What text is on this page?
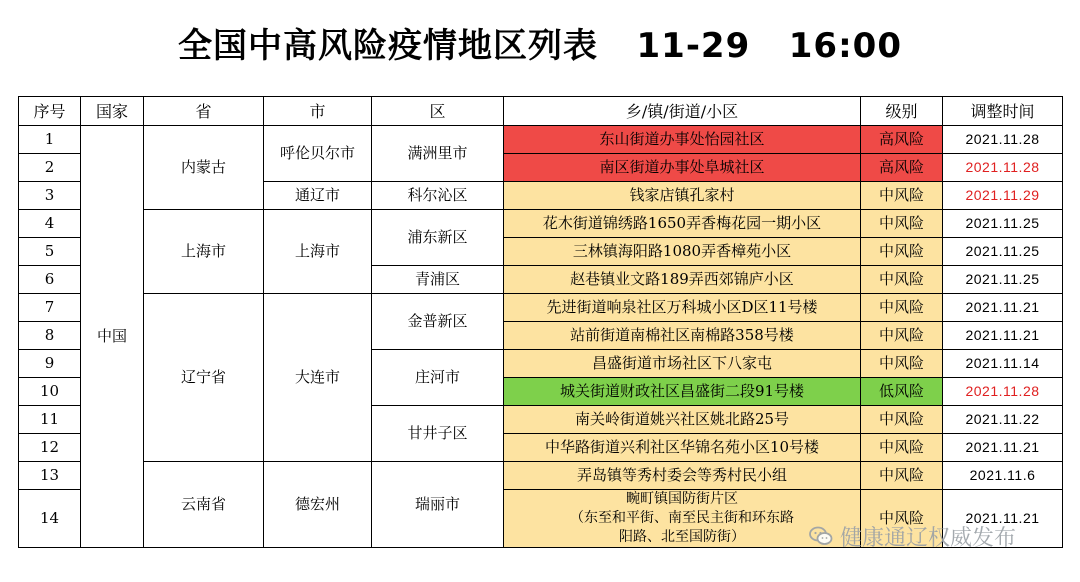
全国中高风险疫情地区列表   11-29   16:00
序号	国家	省	市	区	乡/镇/街道/小区	级别	调整时间
1	中国	内蒙古	呼伦贝尔市	满洲里市	东山街道办事处怡园社区	高风险	2021.11.28
2					南区街道办事处阜城社区	高风险	2021.11.28
3			通辽市	科尔沁区	钱家店镇孔家村	中风险	2021.11.29
4		上海市	上海市	浦东新区	花木街道锦绣路1650弄香梅花园一期小区	中风险	2021.11.25
5					三林镇海阳路1080弄香樟苑小区	中风险	2021.11.25
6				青浦区	赵巷镇业文路189弄西郊锦庐小区	中风险	2021.11.25
7		辽宁省	大连市	金普新区	先进街道响泉社区万科城小区D区11号楼	中风险	2021.11.21
8					站前街道南棉社区南棉路358号楼	中风险	2021.11.21
9				庄河市	昌盛街道市场社区下八家屯	中风险	2021.11.14
10					城关街道财政社区昌盛街二段91号楼	低风险	2021.11.28
11				甘井子区	南关岭街道姚兴社区姚北路25号	中风险	2021.11.22
12					中华路街道兴利社区华锦名苑小区10号楼	中风险	2021.11.21
13		云南省	德宏州	瑞丽市	弄岛镇等秀村委会等秀村民小组	中风险	2021.11.6
14					畹町镇国防街片区
（东至和平街、南至民主街和环东路
阳路、北至国防街）	中风险	2021.11.21
健康通辽权威发布
